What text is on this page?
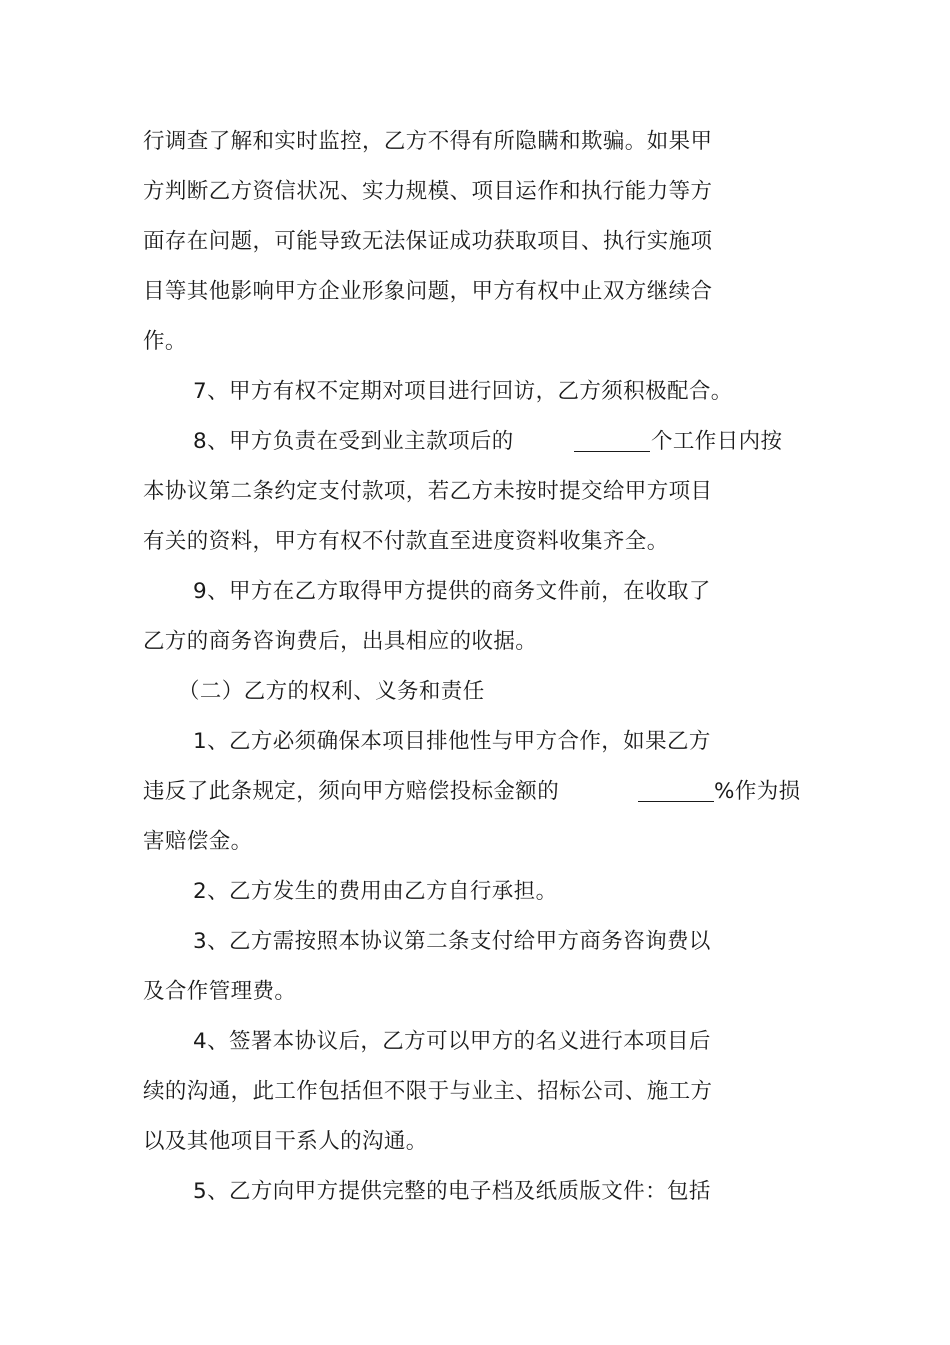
行调查了解和实时监控，乙方不得有所隐瞒和欺骗。如果甲
方判断乙方资信状况、实力规模、项目运作和执行能力等方
面存在问题，可能导致无法保证成功获取项目、执行实施项
目等其他影响甲方企业形象问题，甲方有权中止双方继续合
作。
7、甲方有权不定期对项目进行回访，乙方须积极配合。
8、甲方负责在受到业主款项后的	个工作日内按
本协议第二条约定支付款项，若乙方未按时提交给甲方项目
有关的资料，甲方有权不付款直至进度资料收集齐全。
9、甲方在乙方取得甲方提供的商务文件前，在收取了
乙方的商务咨询费后，出具相应的收据。
（二）乙方的权利、义务和责任
1、乙方必须确保本项目排他性与甲方合作，如果乙方
违反了此条规定，须向甲方赔偿投标金额的	%作为损
害赔偿金。
2、乙方发生的费用由乙方自行承担。
3、乙方需按照本协议第二条支付给甲方商务咨询费以
及合作管理费。
4、签署本协议后，乙方可以甲方的名义进行本项目后
续的沟通，此工作包括但不限于与业主、招标公司、施工方
以及其他项目干系人的沟通。
5、乙方向甲方提供完整的电子档及纸质版文件：包括
